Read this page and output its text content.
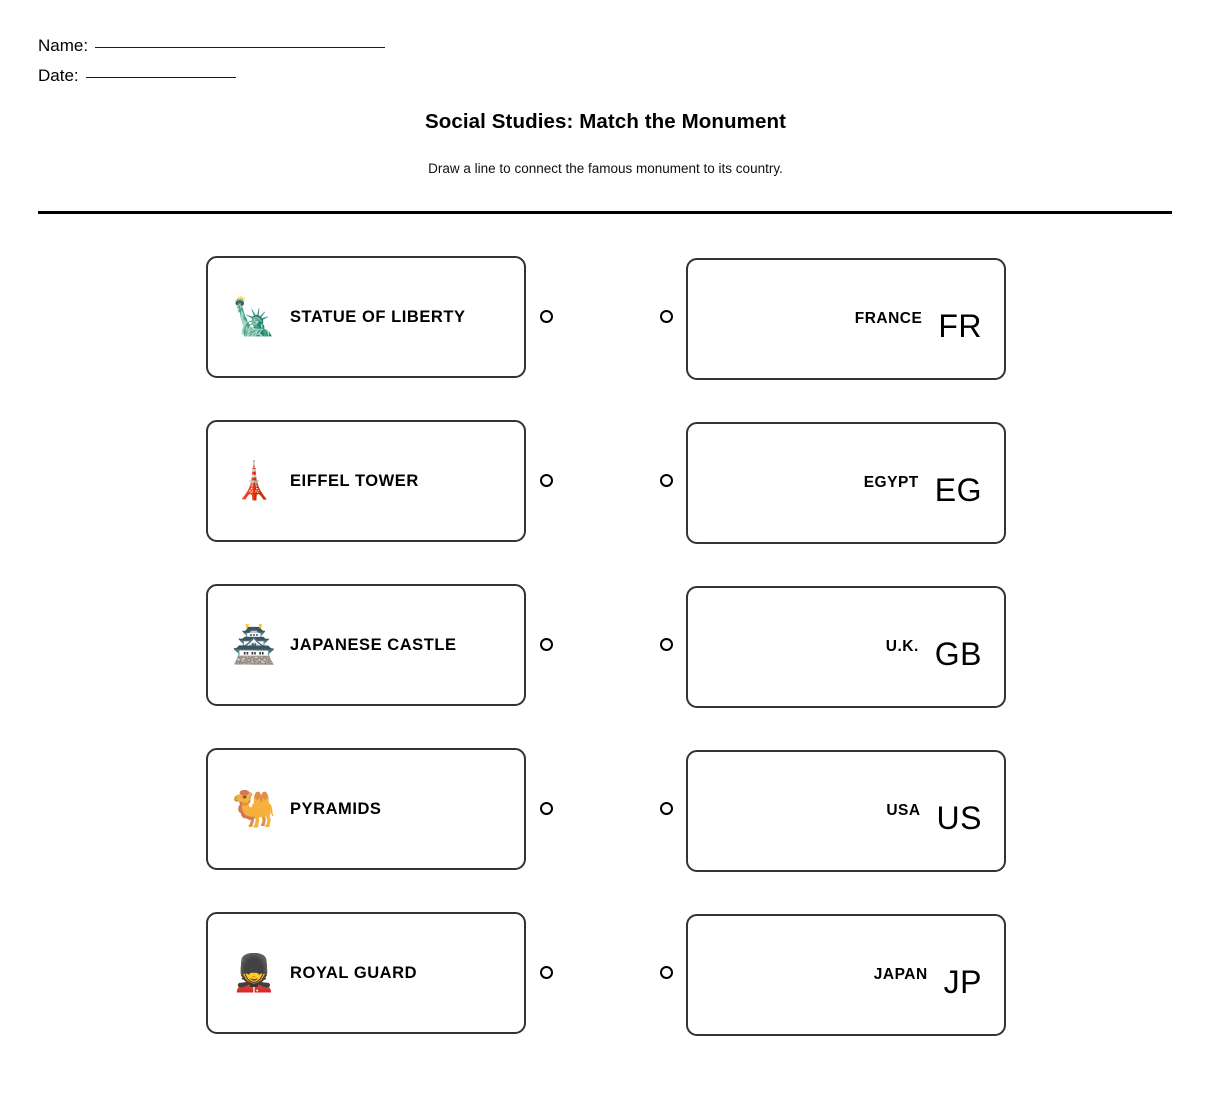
Name:
Date:
Social Studies: Match the Monument

Draw a line to connect the famous monument to its country.

🗽 STATUE OF LIBERTY	FRANCE FR
🗼 EIFFEL TOWER	EGYPT EG
🏯 JAPANESE CASTLE	U.K. GB
🐫 PYRAMIDS	USA US
💂 ROYAL GUARD	JAPAN JP
